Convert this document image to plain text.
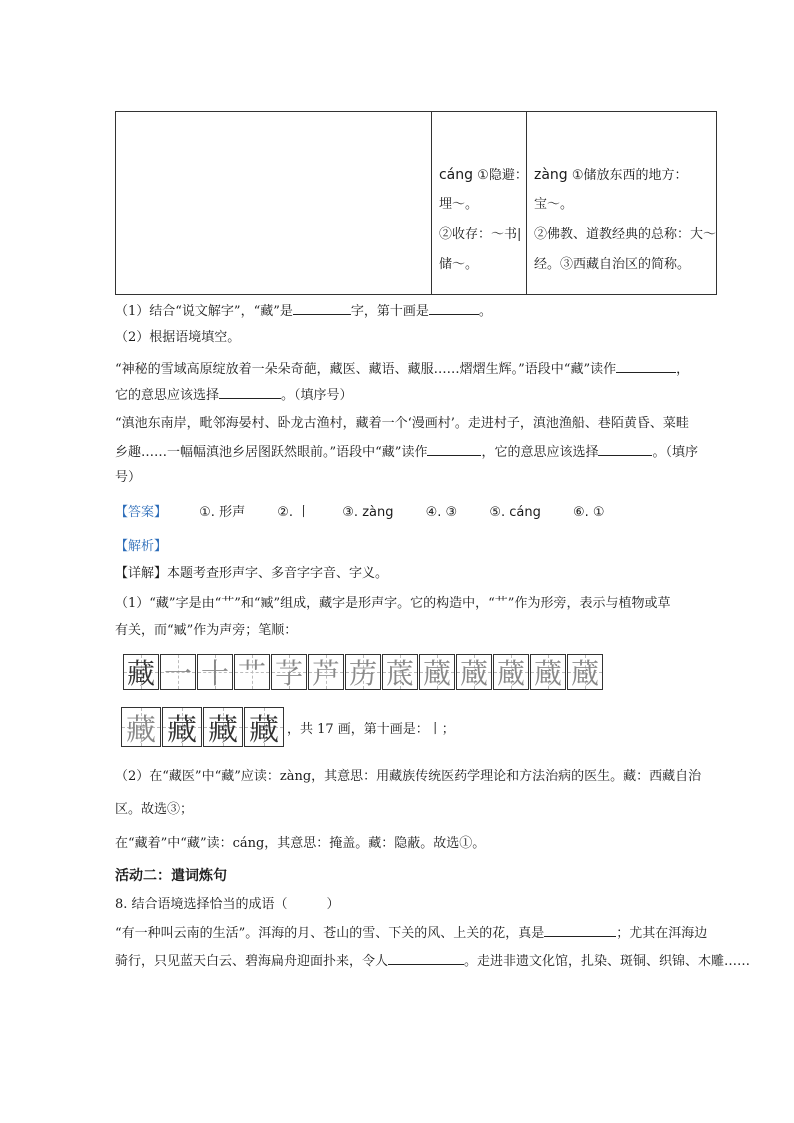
cáng ①隐避：
埋～。
②收存：～书|
储～。
zàng ①储放东西的地方：
宝～。
②佛教、道教经典的总称：大～
经。③西藏自治区的简称。
（1）结合“说文解字”，“藏”是	字，第十画是	。
（2）根据语境填空。
“神秘的雪域高原绽放着一朵朵奇葩，藏医、藏语、藏服……熠熠生辉。”语段中“藏”读作	，
它的意思应该选择	。（填序号）
“滇池东南岸，毗邻海晏村、卧龙古渔村，藏着一个‘漫画村’。走进村子，滇池渔船、巷陌黄昏、菜畦
乡趣……一幅幅滇池乡居图跃然眼前。”语段中“藏”读作	，它的意思应该选择	。（填序
号）
【答案】 ①. 形声 ②. 丨 ③. zàng ④. ③ ⑤. cáng ⑥. ①
【解析】
【详解】本题考查形声字、多音字字音、字义。
（1）“藏”字是由“艹”和“臧”组成，藏字是形声字。它的构造中，“艹”作为形旁，表示与植物或草
有关，而“臧”作为声旁；笔顺：
藏 一 十 艹 芓 芦 苈 菧 蔵 蔵 蔵 蔵 蔵
藏 藏 藏 藏 ，共 17 画，第十画是：丨；
（2）在“藏医”中“藏”应读：zàng，其意思：用藏族传统医药学理论和方法治病的医生。藏：西藏自治
区。故选③；
在“藏着”中“藏”读：cáng，其意思：掩盖。藏：隐蔽。故选①。
活动二：遣词炼句
8. 结合语境选择恰当的成语（　　　）
“有一种叫云南的生活”。洱海的月、苍山的雪、下关的风、上关的花，真是	；尤其在洱海边
骑行，只见蓝天白云、碧海扁舟迎面扑来，令人	。走进非遗文化馆，扎染、斑铜、织锦、木雕……
